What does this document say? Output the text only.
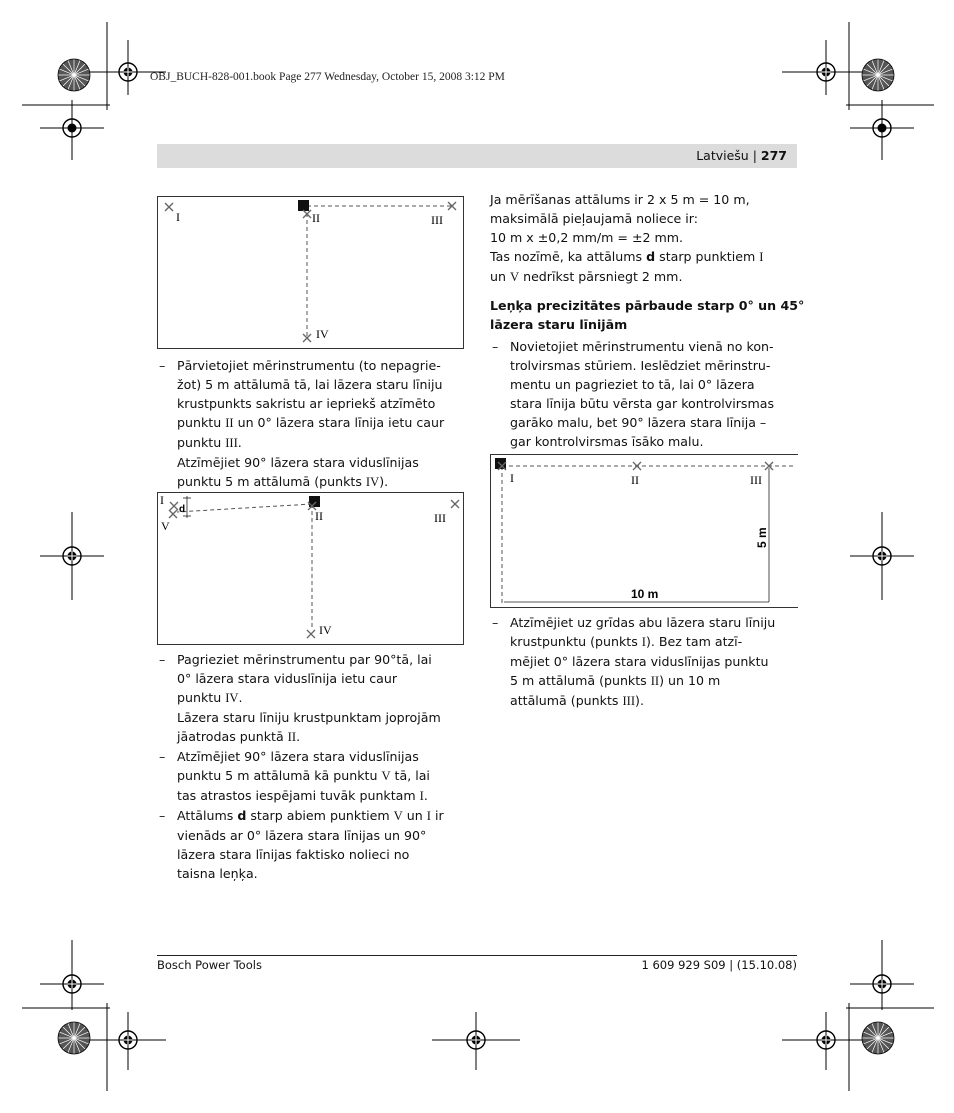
OBJ_BUCH-828-001.book Page 277 Wednesday, October 15, 2008 3:12 PM
Latviešu | 277
I	II	III
IV
– Pārvietojiet mērinstrumentu (to nepagrie-
žot) 5 m attālumā tā, lai lāzera staru līniju
krustpunkts sakristu ar iepriekš atzīmēto
punktu II un 0° lāzera stara līnija ietu caur
punktu III.
Atzīmējiet 90° lāzera stara viduslīnijas
punktu 5 m attālumā (punkts IV).
I
V
d	II	III
IV
– Pagrieziet mērinstrumentu par 90°tā, lai
0° lāzera stara viduslīnija ietu caur
punktu IV.
Lāzera staru līniju krustpunktam joprojām
jāatrodas punktā II.
– Atzīmējiet 90° lāzera stara viduslīnijas
punktu 5 m attālumā kā punktu V tā, lai
tas atrastos iespējami tuvāk punktam I.
– Attālums d starp abiem punktiem V un I ir
vienāds ar 0° lāzera stara līnijas un 90°
lāzera stara līnijas faktisko nolieci no
taisna leņķa.
Ja mērīšanas attālums ir 2 x 5 m = 10 m,
maksimālā pieļaujamā noliece ir:
10 m x ±0,2 mm/m = ±2 mm.
Tas nozīmē, ka attālums d starp punktiem I
un V nedrīkst pārsniegt 2 mm.
Leņķa precizitātes pārbaude starp 0° un 45°
lāzera staru līnijām
– Novietojiet mērinstrumentu vienā no kon-
trolvirsmas stūriem. Ieslēdziet mērinstru-
mentu un pagrieziet to tā, lai 0° lāzera
stara līnija būtu vērsta gar kontrolvirsmas
garāko malu, bet 90° lāzera stara līnija –
gar kontrolvirsmas īsāko malu.
I	II	III
10 m
5 m
– Atzīmējiet uz grīdas abu lāzera staru līniju
krustpunktu (punkts I). Bez tam atzī-
mējiet 0° lāzera stara viduslīnijas punktu
5 m attālumā (punkts II) un 10 m
attālumā (punkts III).
Bosch Power Tools	1 609 929 S09 | (15.10.08)
